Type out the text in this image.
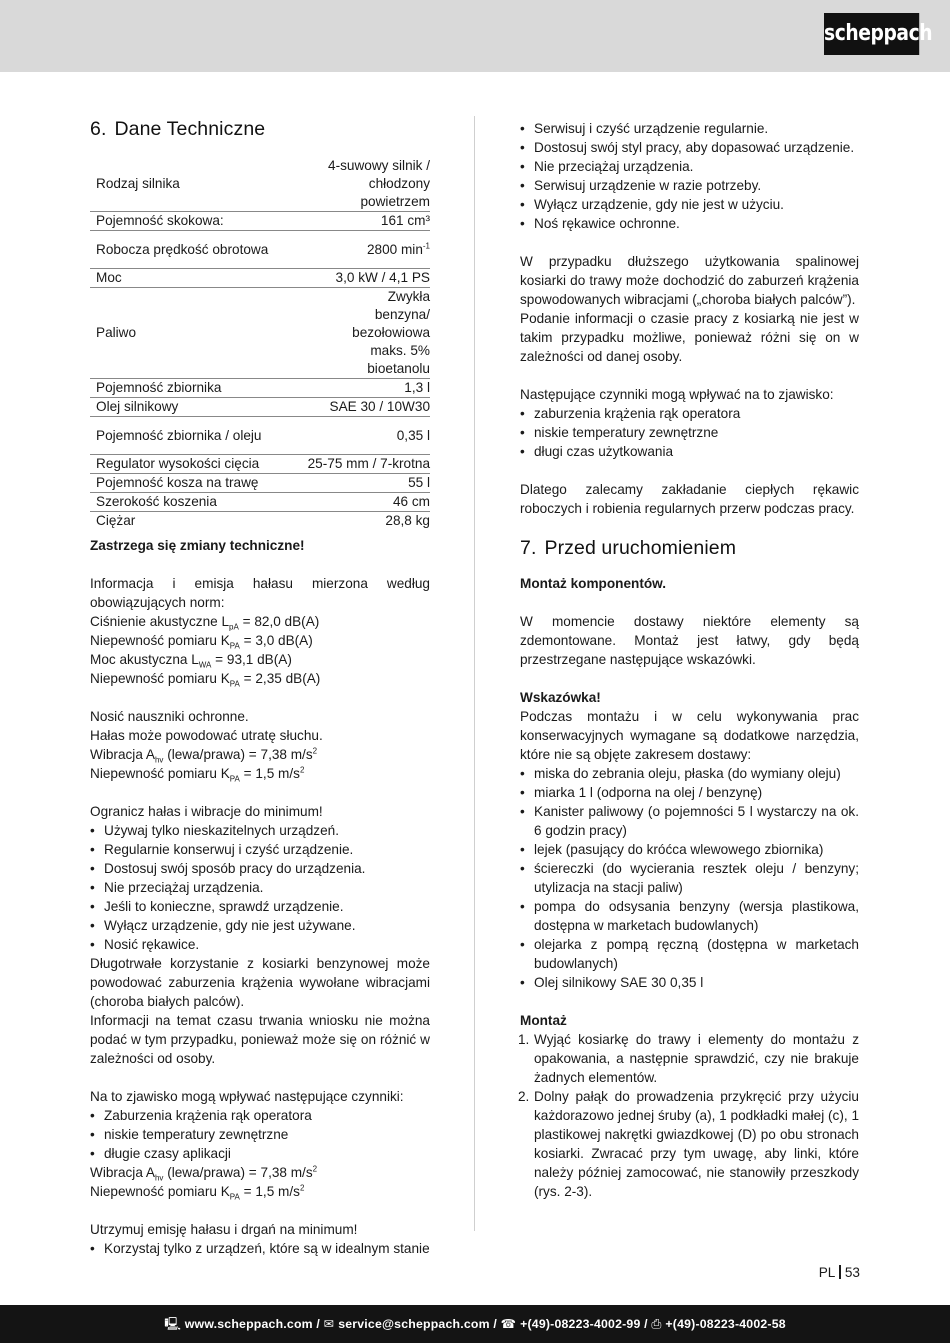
scheppach
6. Dane Techniczne
Rodzaj silnika	4-suwowy silnik / chłodzony powietrzem
Pojemność skokowa:	161 cm³
Robocza prędkość obrotowa	2800 $\min^{-1}$
Moc	3,0 kW / 4,1 PS
Paliwo	Zwykła benzyna/ bezołowiowa maks. 5% bioetanolu
Pojemność zbiornika	1,3 l
Olej silnikowy	SAE 30 / 10W30
Pojemność zbiornika / oleju	0,35 l
Regulator wysokości cięcia	25-75 mm / 7-krotna
Pojemność kosza na trawę	55 l
Szerokość koszenia	46 cm
Ciężar	28,8 kg

Zastrzega się zmiany techniczne!

Informacja i emisja hałasu mierzona według obowiązujących norm:

Ciśnienie akustyczne $L_{pA} = 82,0$ dB(A)

Niepewność pomiaru $K_{PA} = 3,0$ dB(A)

Moc akustyczna $L_{WA} = 93,1$ dB(A)

Niepewność pomiaru $K_{PA} = 2,35$ dB(A)

Nosić nauszniki ochronne.

Hałas może powodować utratę słuchu.

Wibracja $A_{hv}$ (lewa/prawa) = 7,38 $m/s^2$

Niepewność pomiaru $K_{PA} = 1,5$ $m/s^2$

Ogranicz hałas i wibracje do minimum!

• Używaj tylko nieskazitelnych urządzeń.
• Regularnie konserwuj i czyść urządzenie.
• Dostosuj swój sposób pracy do urządzenia.
• Nie przeciążaj urządzenia.
• Jeśli to konieczne, sprawdź urządzenie.
• Wyłącz urządzenie, gdy nie jest używane.
• Nosić rękawice.

Długotrwałe korzystanie z kosiarki benzynowej może powodować zaburzenia krążenia wywołane wibracjami (choroba białych palców).

Informacji na temat czasu trwania wniosku nie można podać w tym przypadku, ponieważ może się on różnić w zależności od osoby.

Na to zjawisko mogą wpływać następujące czynniki:

• Zaburzenia krążenia rąk operatora
• niskie temperatury zewnętrzne
• długie czasy aplikacji

Wibracja $A_{hv}$ (lewa/prawa) = 7,38 $m/s^2$

Niepewność pomiaru $K_{PA} = 1,5$ $m/s^2$

Utrzymuj emisję hałasu i drgań na minimum!

• Korzystaj tylko z urządzeń, które są w idealnym stanie
• Serwisuj i czyść urządzenie regularnie.
• Dostosuj swój styl pracy, aby dopasować urządzenie.
• Nie przeciążaj urządzenia.
• Serwisuj urządzenie w razie potrzeby.
• Wyłącz urządzenie, gdy nie jest w użyciu.
• Noś rękawice ochronne.

W przypadku dłuższego użytkowania spalinowej kosiarki do trawy może dochodzić do zaburzeń krążenia spowodowanych wibracjami („choroba białych palców”).

Podanie informacji o czasie pracy z kosiarką nie jest w takim przypadku możliwe, ponieważ różni się on w zależności od danej osoby.

Następujące czynniki mogą wpływać na to zjawisko:

• zaburzenia krążenia rąk operatora
• niskie temperatury zewnętrzne
• długi czas użytkowania

Dlatego zalecamy zakładanie ciepłych rękawic roboczych i robienia regularnych przerw podczas pracy.

7. Przed uruchomieniem

Montaż komponentów.

W momencie dostawy niektóre elementy są zdemontowane. Montaż jest łatwy, gdy będą przestrzegane następujące wskazówki.

Wskazówka!

Podczas montażu i w celu wykonywania prac konserwacyjnych wymagane są dodatkowe narzędzia, które nie są objęte zakresem dostawy:

• miska do zebrania oleju, płaska (do wymiany oleju)
• miarka 1 l (odporna na olej / benzynę)
• Kanister paliwowy (o pojemności 5 l wystarczy na ok. 6 godzin pracy)
• lejek (pasujący do króćca wlewowego zbiornika)
• ściereczki (do wycierania resztek oleju / benzyny; utylizacja na stacji paliw)
• pompa do odsysania benzyny (wersja plastikowa, dostępna w marketach budowlanych)
• olejarka z pompą ręczną (dostępna w marketach budowlanych)
• Olej silnikowy SAE 30 0,35 l

Montaż

1. Wyjąć kosiarkę do trawy i elementy do montażu z opakowania, a następnie sprawdzić, czy nie brakuje żadnych elementów.
2. Dolny pałąk do prowadzenia przykręcić przy użyciu każdorazowo jednej śruby (a), 1 podkładki małej (c), 1 plastikowej nakrętki gwiazdkowej (D) po obu stronach kosiarki. Zwracać przy tym uwagę, aby linki, które należy później zamocować, nie stanowiły przeszkody (rys. 2-3).
PL 53
🖳 www.scheppach.com / ✉ service@scheppach.com / ☎ +(49)-08223-4002-99 / ⎙ +(49)-08223-4002-58
